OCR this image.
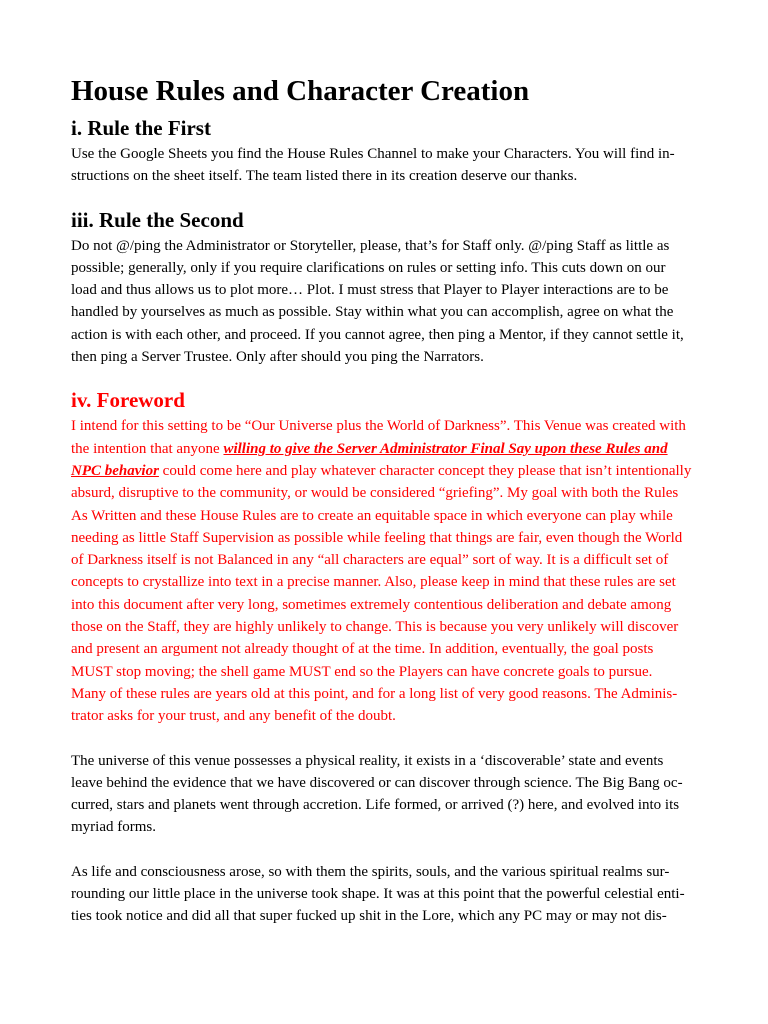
House Rules and Character Creation
i. Rule the First

Use the Google Sheets you find the House Rules Channel to make your Characters. You will find in-

structions on the sheet itself. The team listed there in its creation deserve our thanks.

iii. Rule the Second

Do not @/ping the Administrator or Storyteller, please, that’s for Staff only. @/ping Staff as little as

possible; generally, only if you require clarifications on rules or setting info. This cuts down on our

load and thus allows us to plot more… Plot. I must stress that Player to Player interactions are to be

handled by yourselves as much as possible. Stay within what you can accomplish, agree on what the

action is with each other, and proceed. If you cannot agree, then ping a Mentor, if they cannot settle it,

then ping a Server Trustee. Only after should you ping the Narrators.

iv. Foreword

I intend for this setting to be “Our Universe plus the World of Darkness”. This Venue was created with

the intention that anyone willing to give the Server Administrator Final Say upon these Rules and

NPC behavior could come here and play whatever character concept they please that isn’t intentionally

absurd, disruptive to the community, or would be considered “griefing”. My goal with both the Rules

As Written and these House Rules are to create an equitable space in which everyone can play while

needing as little Staff Supervision as possible while feeling that things are fair, even though the World

of Darkness itself is not Balanced in any “all characters are equal” sort of way. It is a difficult set of

concepts to crystallize into text in a precise manner. Also, please keep in mind that these rules are set

into this document after very long, sometimes extremely contentious deliberation and debate among

those on the Staff, they are highly unlikely to change. This is because you very unlikely will discover

and present an argument not already thought of at the time. In addition, eventually, the goal posts

MUST stop moving; the shell game MUST end so the Players can have concrete goals to pursue.

Many of these rules are years old at this point, and for a long list of very good reasons. The Adminis-

trator asks for your trust, and any benefit of the doubt.

The universe of this venue possesses a physical reality, it exists in a ‘discoverable’ state and events

leave behind the evidence that we have discovered or can discover through science. The Big Bang oc-

curred, stars and planets went through accretion. Life formed, or arrived (?) here, and evolved into its

myriad forms.

As life and consciousness arose, so with them the spirits, souls, and the various spiritual realms sur-

rounding our little place in the universe took shape. It was at this point that the powerful celestial enti-

ties took notice and did all that super fucked up shit in the Lore, which any PC may or may not dis-
